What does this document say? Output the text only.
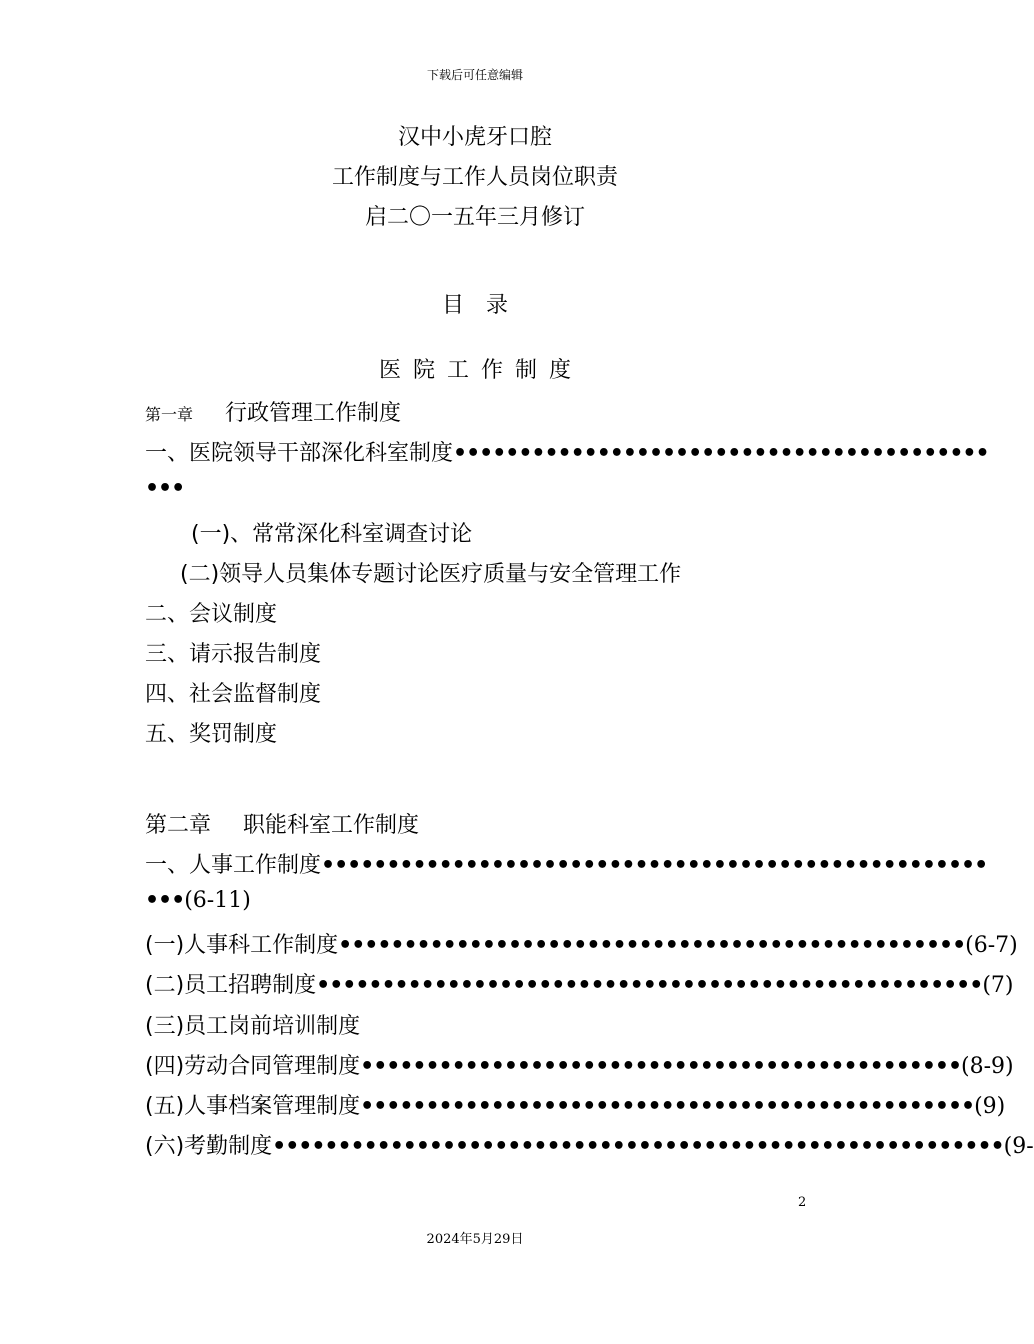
下载后可任意编辑
汉中小虎牙口腔
工作制度与工作人员岗位职责
启二〇一五年三月修订
目录
医院工作制度
第一章 行政管理工作制度
一、医院领导干部深化科室制度•••••••••••••••••••••••••••••••••••••••••
•••
(一)、常常深化科室调查讨论
(二)领导人员集体专题讨论医疗质量与安全管理工作
二、会议制度
三、请示报告制度
四、社会监督制度
五、奖罚制度
第二章 职能科室工作制度
一、人事工作制度•••••••••••••••••••••••••••••••••••••••••••••••••••
•••(6-11)
(一)人事科工作制度••••••••••••••••••••••••••••••••••••••••••••••••(6-7)
(二)员工招聘制度•••••••••••••••••••••••••••••••••••••••••••••••••••(7)
(三)员工岗前培训制度
(四)劳动合同管理制度••••••••••••••••••••••••••••••••••••••••••••••(8-9)
(五)人事档案管理制度•••••••••••••••••••••••••••••••••••••••••••••••(9)
(六)考勤制度••••••••••••••••••••••••••••••••••••••••••••••••••••••••(9-
2
2024年5月29日
